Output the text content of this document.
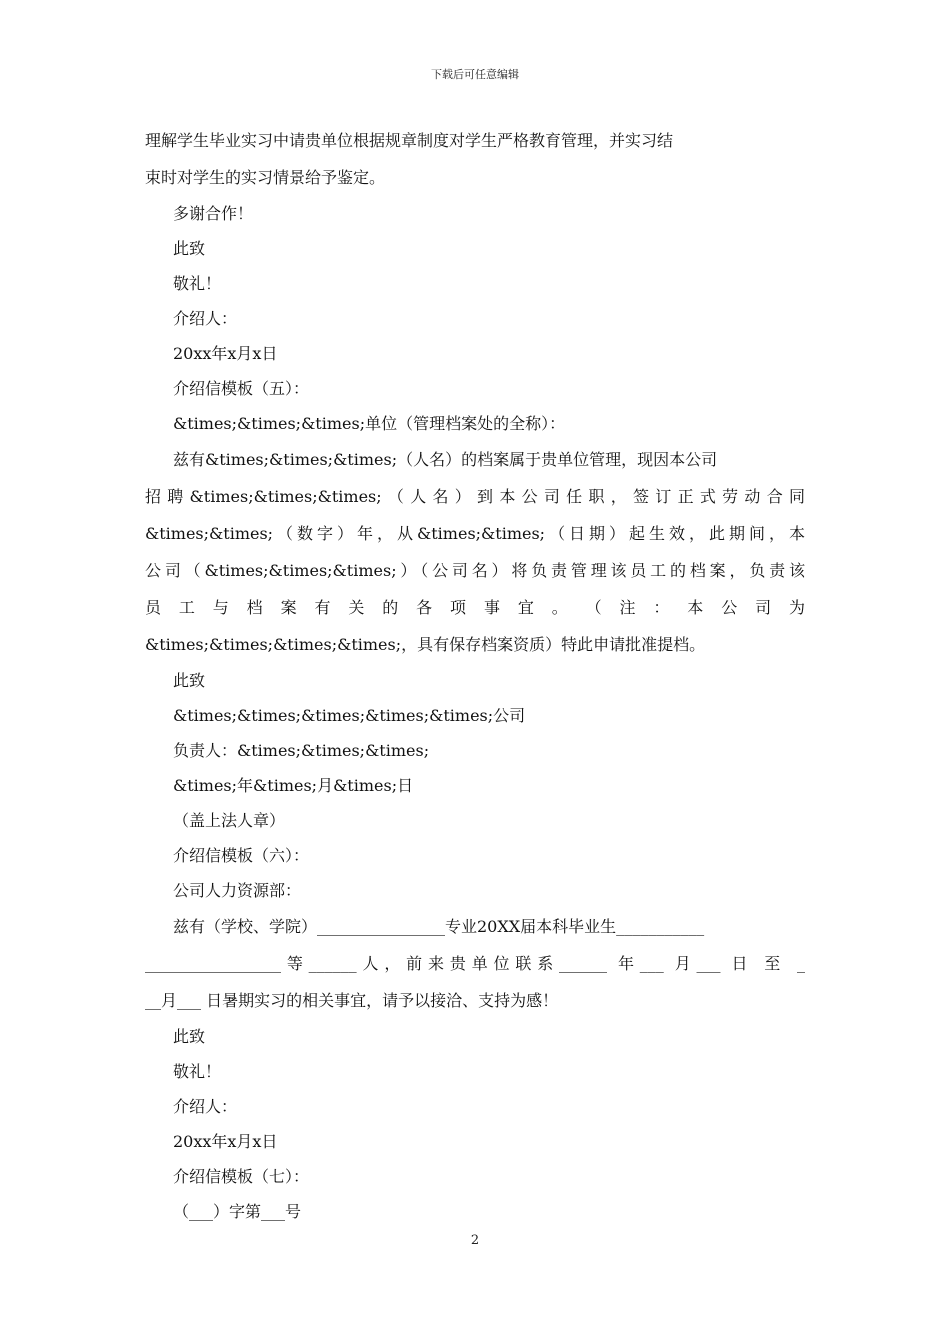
下载后可任意编辑

理解学生毕业实习中请贵单位根据规章制度对学生严格教育管理，并实习结

束时对学生的实习情景给予鉴定。

多谢合作！

此致

敬礼！

介绍人：

20xx年x月x日

介绍信模板（五）：

&times;&times;&times;单位（管理档案处的全称）：

兹有&times;&times;&times;（人名）的档案属于贵单位管理，现因本公司

招聘&times;&times;&times;（人名）到本公司任职，签订正式劳动合同

&times;&times;（数字）年，从&times;&times;（日期）起生效，此期间，本

公司（&times;&times;&times;）（公司名）将负责管理该员工的档案，负责该

员 工 与 档 案 有 关 的 各 项 事 宜 。 （ 注 ： 本 公 司 为

&times;&times;&times;&times;，具有保存档案资质）特此申请批准提档。

此致

&times;&times;&times;&times;&times;公司

负责人：&times;&times;&times;

&times;年&times;月&times;日

（盖上法人章）

介绍信模板（六）：

公司人力资源部：

兹有（学校、学院）________________专业20XX届本科毕业生___________

_________________等______人，前来贵单位联系______ 年___ 月___ 日 至 _

__月___ 日暑期实习的相关事宜，请予以接洽、支持为感！

此致

敬礼！

介绍人：

20xx年x月x日

介绍信模板（七）：

（___）字第___号

2
